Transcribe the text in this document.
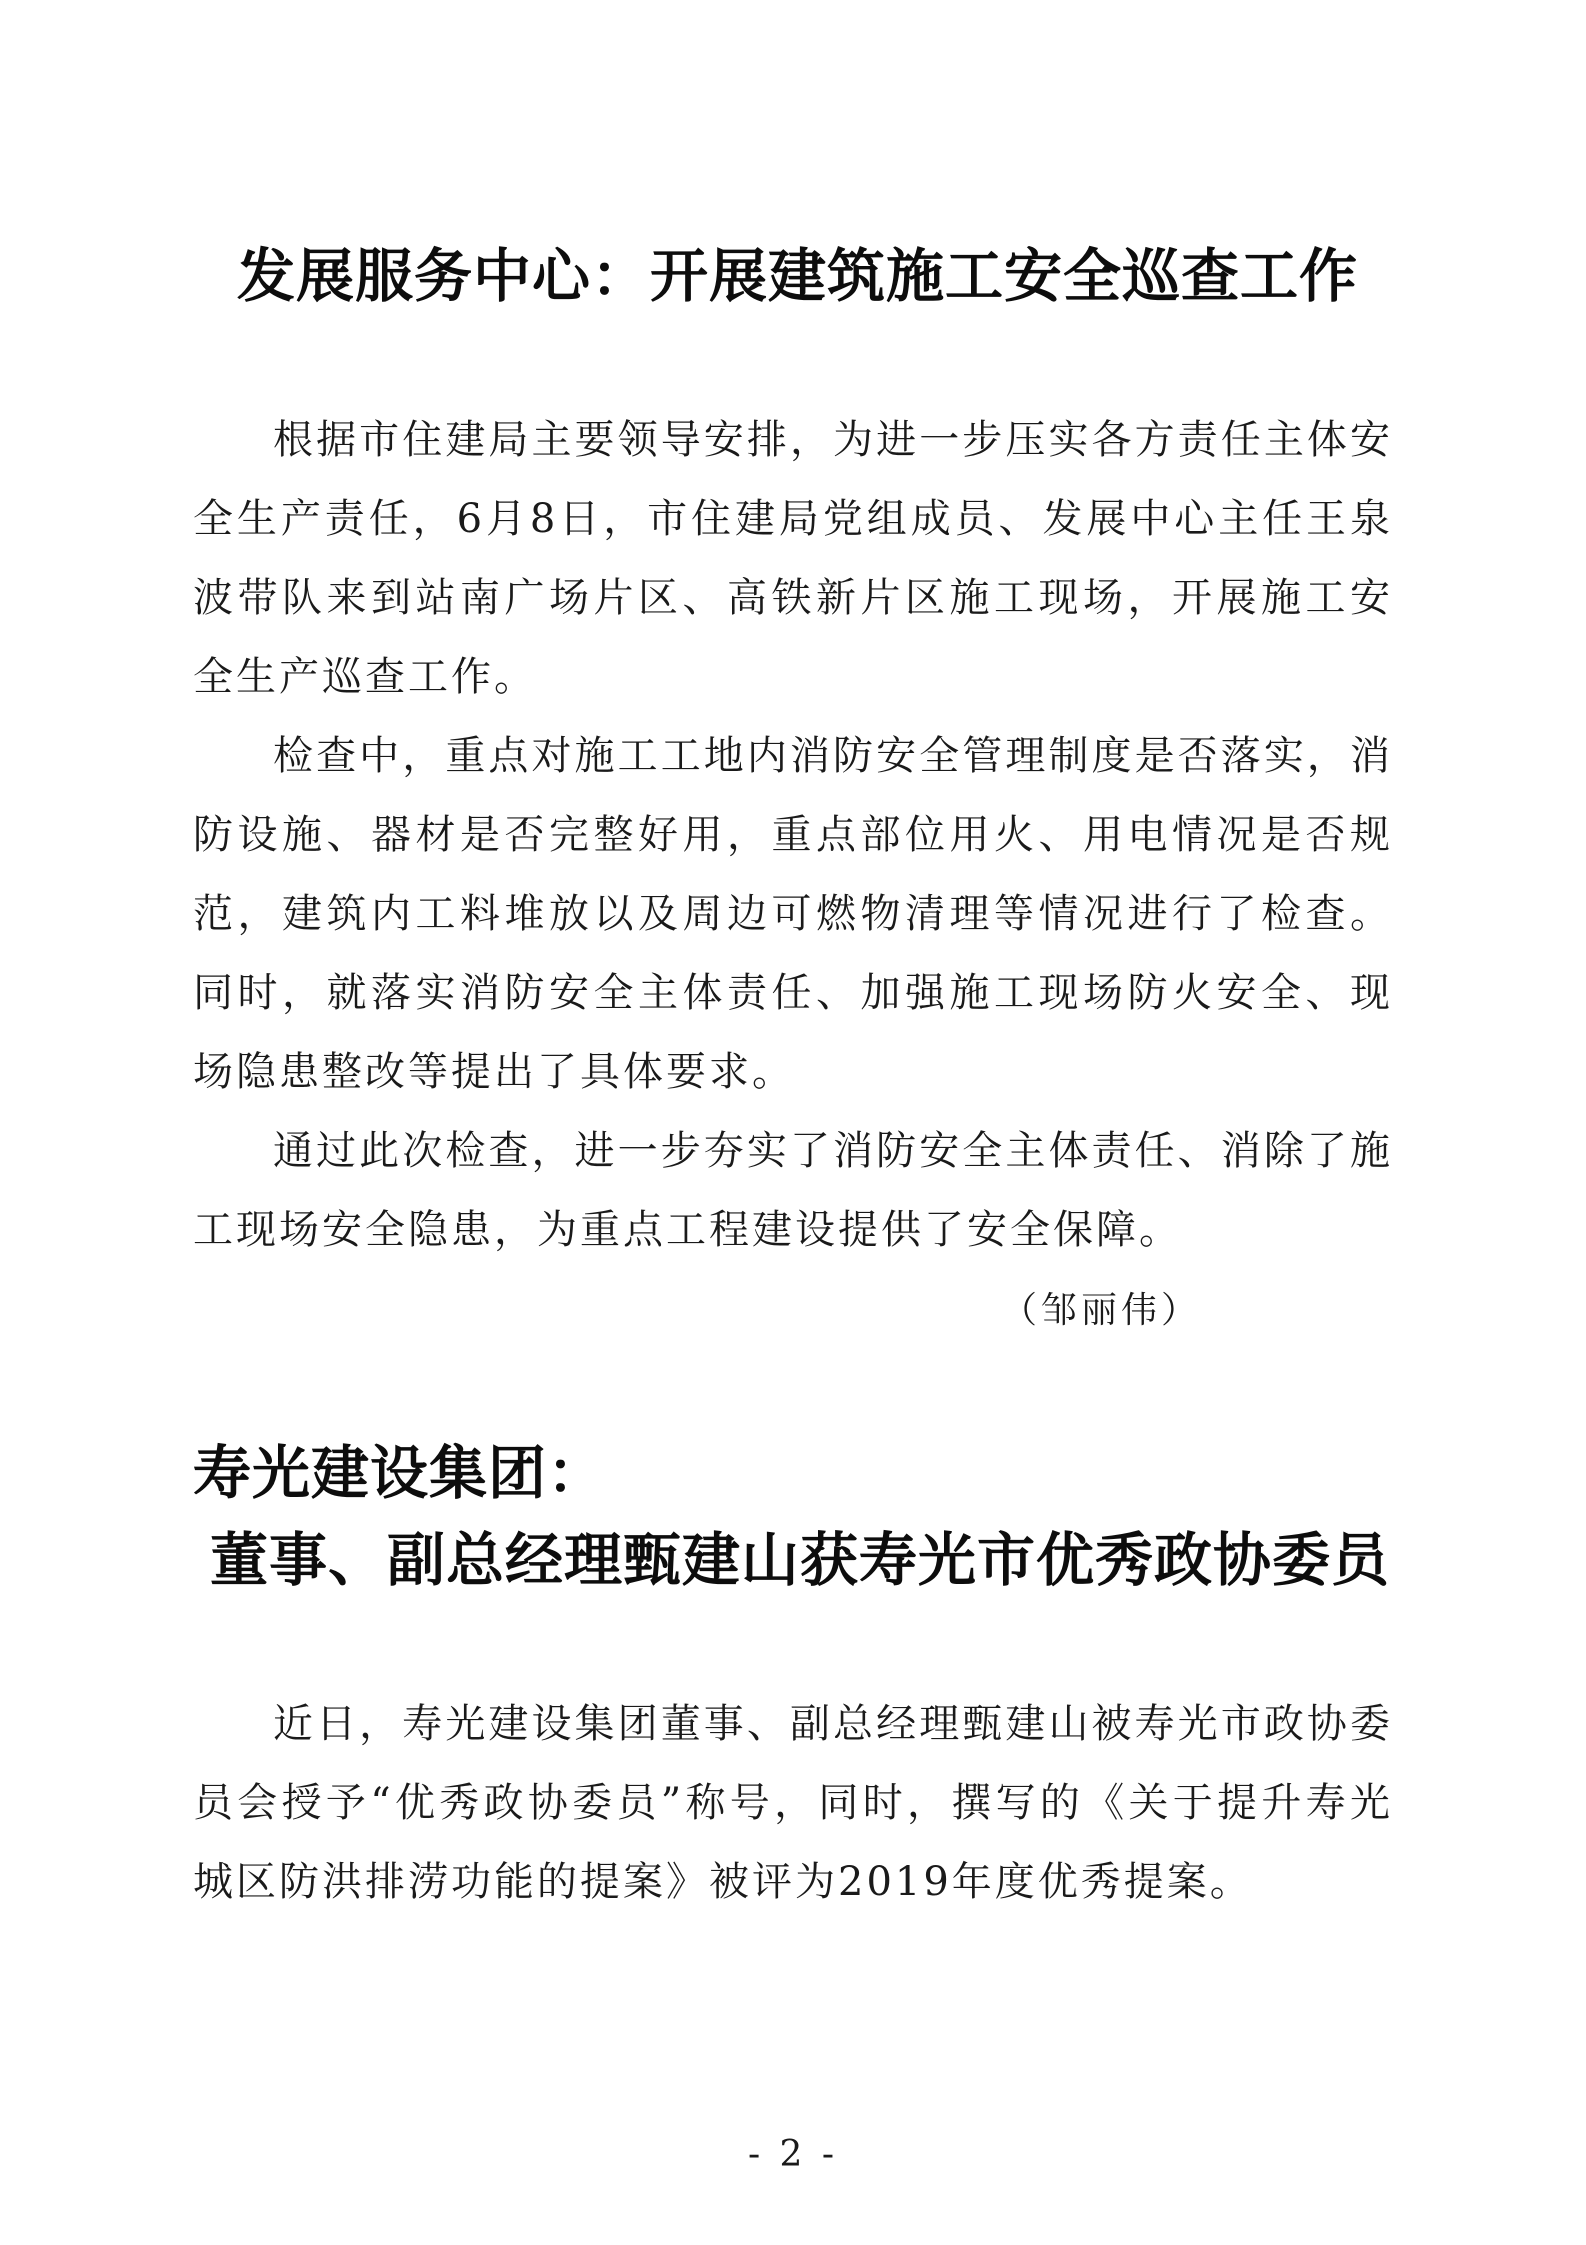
发展服务中心：开展建筑施工安全巡查工作

根据市住建局主要领导安排，为进一步压实各方责任主体安全生产责任，6月8日，市住建局党组成员、发展中心主任王泉波带队来到站南广场片区、高铁新片区施工现场，开展施工安全生产巡查工作。

检查中，重点对施工工地内消防安全管理制度是否落实，消防设施、器材是否完整好用，重点部位用火、用电情况是否规范，建筑内工料堆放以及周边可燃物清理等情况进行了检查。同时，就落实消防安全主体责任、加强施工现场防火安全、现场隐患整改等提出了具体要求。

通过此次检查，进一步夯实了消防安全主体责任、消除了施工现场安全隐患，为重点工程建设提供了安全保障。

（邹丽伟）

寿光建设集团：
董事、副总经理甄建山获寿光市优秀政协委员

近日，寿光建设集团董事、副总经理甄建山被寿光市政协委员会授予“优秀政协委员”称号，同时，撰写的《关于提升寿光城区防洪排涝功能的提案》被评为2019年度优秀提案。

- 2 -
